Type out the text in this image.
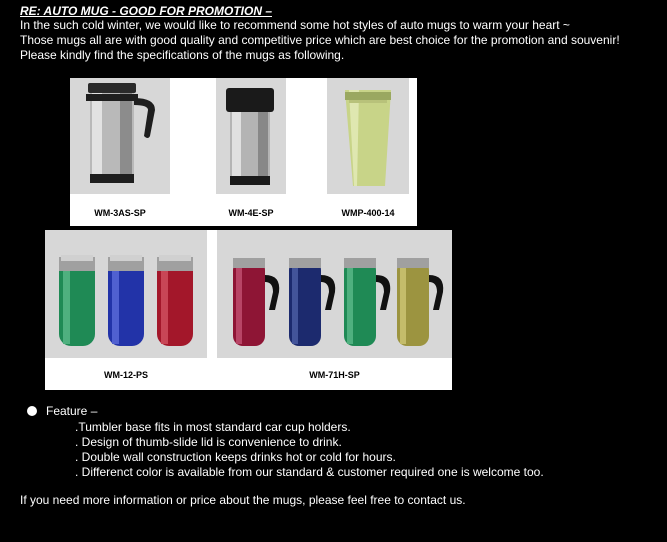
RE: AUTO MUG - GOOD FOR PROMOTION –
In the such cold winter, we would like to recommend some hot styles of auto mugs to warm your heart ~
Those mugs all are with good quality and competitive price which are best choice for the promotion and souvenir!
Please kindly find the specifications of the mugs as following.
WM-3AS-SP	WM-4E-SP	WMP-400-14
WM-12-PS	WM-71H-SP
Feature –
.Tumbler base fits in most standard car cup holders.
. Design of thumb-slide lid is convenience to drink.
. Double wall construction keeps drinks hot or cold for hours.
. Differenct color is available from our standard & customer required one is welcome too.
If you need more information or price about the mugs, please feel free to contact us.
